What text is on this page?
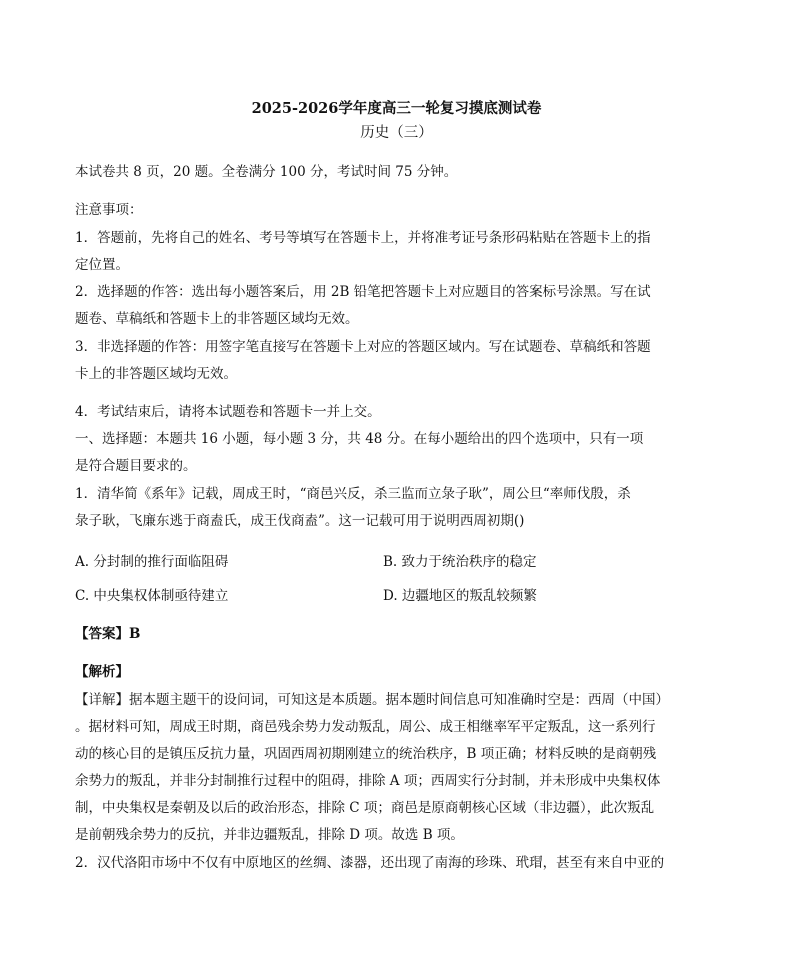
2025-2026学年度高三一轮复习摸底测试卷
历史（三）
本试卷共 8 页，20 题。全卷满分 100 分，考试时间 75 分钟。
注意事项：
1．答题前，先将自己的姓名、考号等填写在答题卡上，并将准考证号条形码粘贴在答题卡上的指
定位置。
2．选择题的作答：选出每小题答案后，用 2B 铅笔把答题卡上对应题目的答案标号涂黑。写在试
题卷、草稿纸和答题卡上的非答题区域均无效。
3．非选择题的作答：用签字笔直接写在答题卡上对应的答题区域内。写在试题卷、草稿纸和答题
卡上的非答题区域均无效。
4．考试结束后，请将本试题卷和答题卡一并上交。
一、选择题：本题共 16 小题，每小题 3 分，共 48 分。在每小题给出的四个选项中，只有一项
是符合题目要求的。
1．清华简《系年》记载，周成王时，“商邑兴反，杀三监而立彔子耿”，周公旦“率师伐殷，杀
彔子耿，飞廉东逃于商盍氏，成王伐商盍”。这一记载可用于说明西周初期()
A. 分封制的推行面临阻碍	B. 致力于统治秩序的稳定
C. 中央集权体制亟待建立	D. 边疆地区的叛乱较频繁
【答案】B
【解析】
【详解】据本题主题干的设问词，可知这是本质题。据本题时间信息可知准确时空是：西周（中国）
。据材料可知，周成王时期，商邑残余势力发动叛乱，周公、成王相继率军平定叛乱，这一系列行
动的核心目的是镇压反抗力量，巩固西周初期刚建立的统治秩序，B 项正确；材料反映的是商朝残
余势力的叛乱，并非分封制推行过程中的阻碍，排除 A 项；西周实行分封制，并未形成中央集权体
制，中央集权是秦朝及以后的政治形态，排除 C 项；商邑是原商朝核心区域（非边疆），此次叛乱
是前朝残余势力的反抗，并非边疆叛乱，排除 D 项。故选 B 项。
2．汉代洛阳市场中不仅有中原地区的丝绸、漆器，还出现了南海的珍珠、玳瑁，甚至有来自中亚的
